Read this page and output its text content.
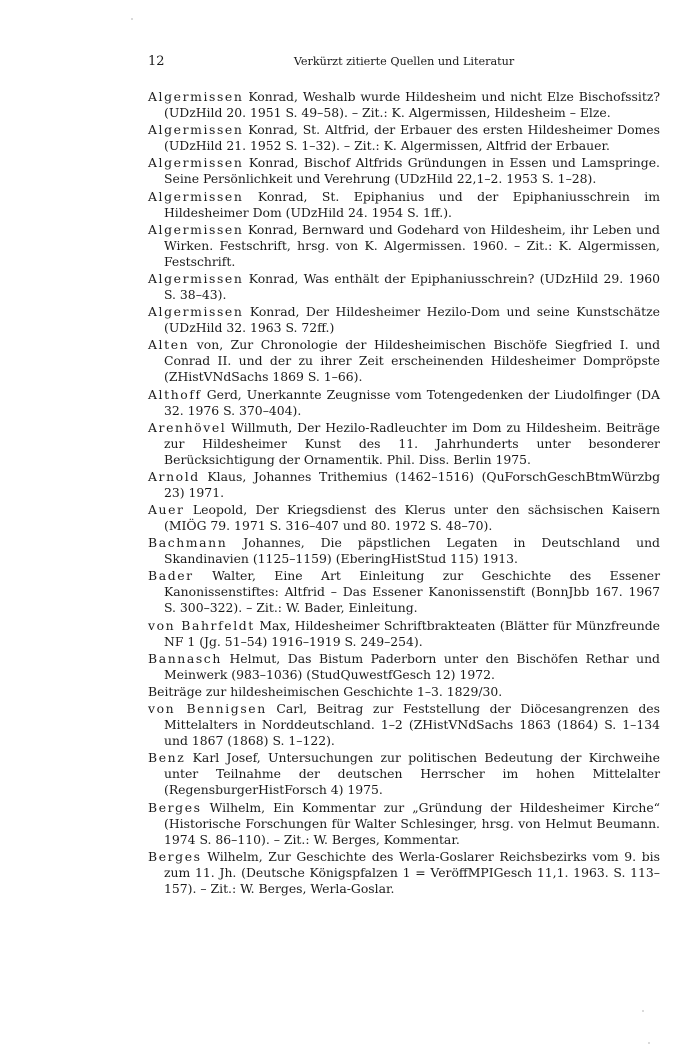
12	Verkürzt zitierte Quellen und Literatur

Algermissen Konrad, Weshalb wurde Hildesheim und nicht Elze Bischofssitz? (UDzHild 20. 1951 S. 49–58). – Zit.: K. Algermissen, Hildesheim – Elze.

Algermissen Konrad, St. Altfrid, der Erbauer des ersten Hildesheimer Domes (UDzHild 21. 1952 S. 1–32). – Zit.: K. Algermissen, Altfrid der Erbauer.

Algermissen Konrad, Bischof Altfrids Gründungen in Essen und Lamspringe. Seine Persönlichkeit und Verehrung (UDzHild 22,1–2. 1953 S. 1–28).

Algermissen Konrad, St. Epiphanius und der Epiphaniusschrein im Hildesheimer Dom (UDzHild 24. 1954 S. 1ff.).

Algermissen Konrad, Bernward und Godehard von Hildesheim, ihr Leben und Wirken. Festschrift, hrsg. von K. Algermissen. 1960. – Zit.: K. Algermissen, Festschrift.

Algermissen Konrad, Was enthält der Epiphaniusschrein? (UDzHild 29. 1960 S. 38–43).

Algermissen Konrad, Der Hildesheimer Hezilo-Dom und seine Kunstschätze (UDzHild 32. 1963 S. 72ff.)

Alten von, Zur Chronologie der Hildesheimischen Bischöfe Siegfried I. und Conrad II. und der zu ihrer Zeit erscheinenden Hildesheimer Dompröpste (ZHistVNdSachs 1869 S. 1–66).

Althoff Gerd, Unerkannte Zeugnisse vom Totengedenken der Liudolfinger (DA 32. 1976 S. 370–404).

Arenhövel Willmuth, Der Hezilo-Radleuchter im Dom zu Hildesheim. Beiträge zur Hildesheimer Kunst des 11. Jahrhunderts unter besonderer Berücksichtigung der Ornamentik. Phil. Diss. Berlin 1975.

Arnold Klaus, Johannes Trithemius (1462–1516) (QuForschGeschBtmWürzbg 23) 1971.

Auer Leopold, Der Kriegsdienst des Klerus unter den sächsischen Kaisern (MIÖG 79. 1971 S. 316–407 und 80. 1972 S. 48–70).

Bachmann Johannes, Die päpstlichen Legaten in Deutschland und Skandinavien (1125–1159) (EberingHistStud 115) 1913.

Bader Walter, Eine Art Einleitung zur Geschichte des Essener Kanonissenstiftes: Altfrid – Das Essener Kanonissenstift (BonnJbb 167. 1967 S. 300–322). – Zit.: W. Bader, Einleitung.

von Bahrfeldt Max, Hildesheimer Schriftbrakteaten (Blätter für Münzfreunde NF 1 (Jg. 51–54) 1916–1919 S. 249–254).

Bannasch Helmut, Das Bistum Paderborn unter den Bischöfen Rethar und Meinwerk (983–1036) (StudQuwestfGesch 12) 1972.

Beiträge zur hildesheimischen Geschichte 1–3. 1829/30.

von Bennigsen Carl, Beitrag zur Feststellung der Diöcesangrenzen des Mittelalters in Norddeutschland. 1–2 (ZHistVNdSachs 1863 (1864) S. 1–134 und 1867 (1868) S. 1–122).

Benz Karl Josef, Untersuchungen zur politischen Bedeutung der Kirchweihe unter Teilnahme der deutschen Herrscher im hohen Mittelalter (RegensburgerHistForsch 4) 1975.

Berges Wilhelm, Ein Kommentar zur „Gründung der Hildesheimer Kirche“ (Historische Forschungen für Walter Schlesinger, hrsg. von Helmut Beumann. 1974 S. 86–110). – Zit.: W. Berges, Kommentar.

Berges Wilhelm, Zur Geschichte des Werla-Goslarer Reichsbezirks vom 9. bis zum 11. Jh. (Deutsche Königspfalzen 1 = VeröffMPIGesch 11,1. 1963. S. 113–157). – Zit.: W. Berges, Werla-Goslar.
